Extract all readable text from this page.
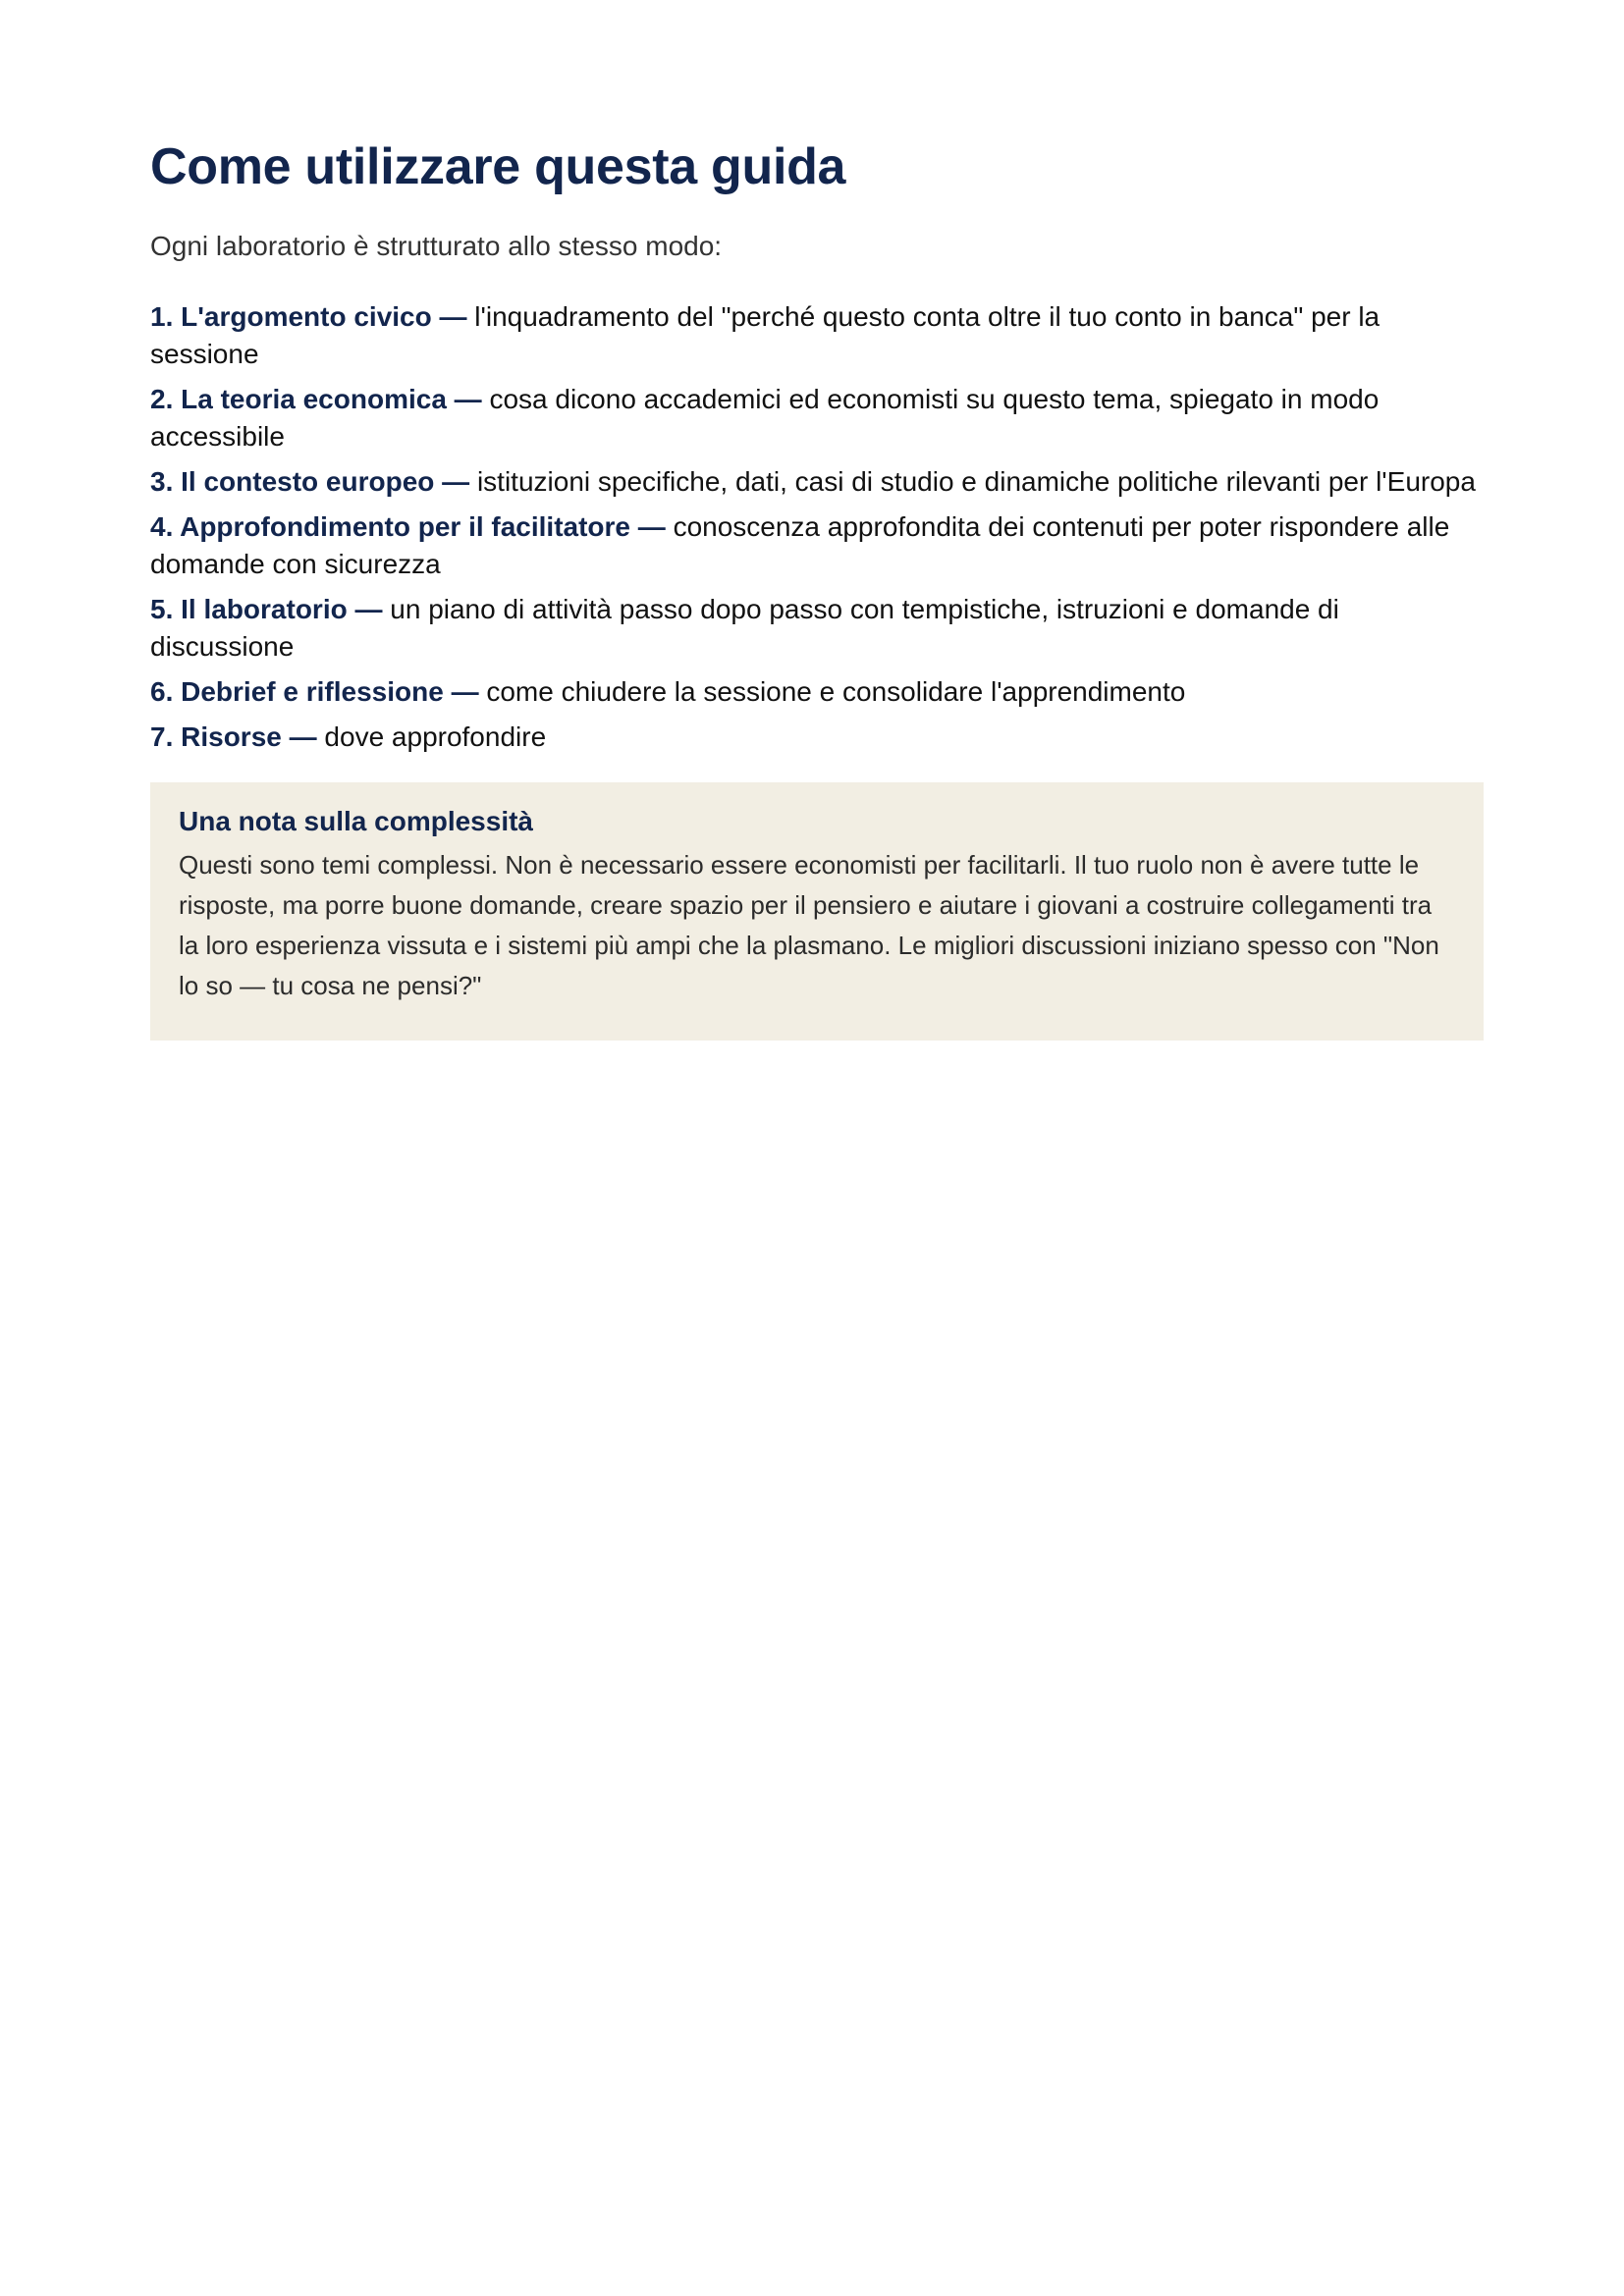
Come utilizzare questa guida

Ogni laboratorio è strutturato allo stesso modo:

1. L'argomento civico — l'inquadramento del "perché questo conta oltre il tuo conto in banca" per la sessione
2. La teoria economica — cosa dicono accademici ed economisti su questo tema, spiegato in modo accessibile
3. Il contesto europeo — istituzioni specifiche, dati, casi di studio e dinamiche politiche rilevanti per l'Europa
4. Approfondimento per il facilitatore — conoscenza approfondita dei contenuti per poter rispondere alle domande con sicurezza
5. Il laboratorio — un piano di attività passo dopo passo con tempistiche, istruzioni e domande di discussione
6. Debrief e riflessione — come chiudere la sessione e consolidare l'apprendimento
7. Risorse — dove approfondire
Una nota sulla complessità

Questi sono temi complessi. Non è necessario essere economisti per facilitarli. Il tuo ruolo non è avere tutte le risposte, ma porre buone domande, creare spazio per il pensiero e aiutare i giovani a costruire collegamenti tra la loro esperienza vissuta e i sistemi più ampi che la plasmano. Le migliori discussioni iniziano spesso con "Non lo so — tu cosa ne pensi?"
